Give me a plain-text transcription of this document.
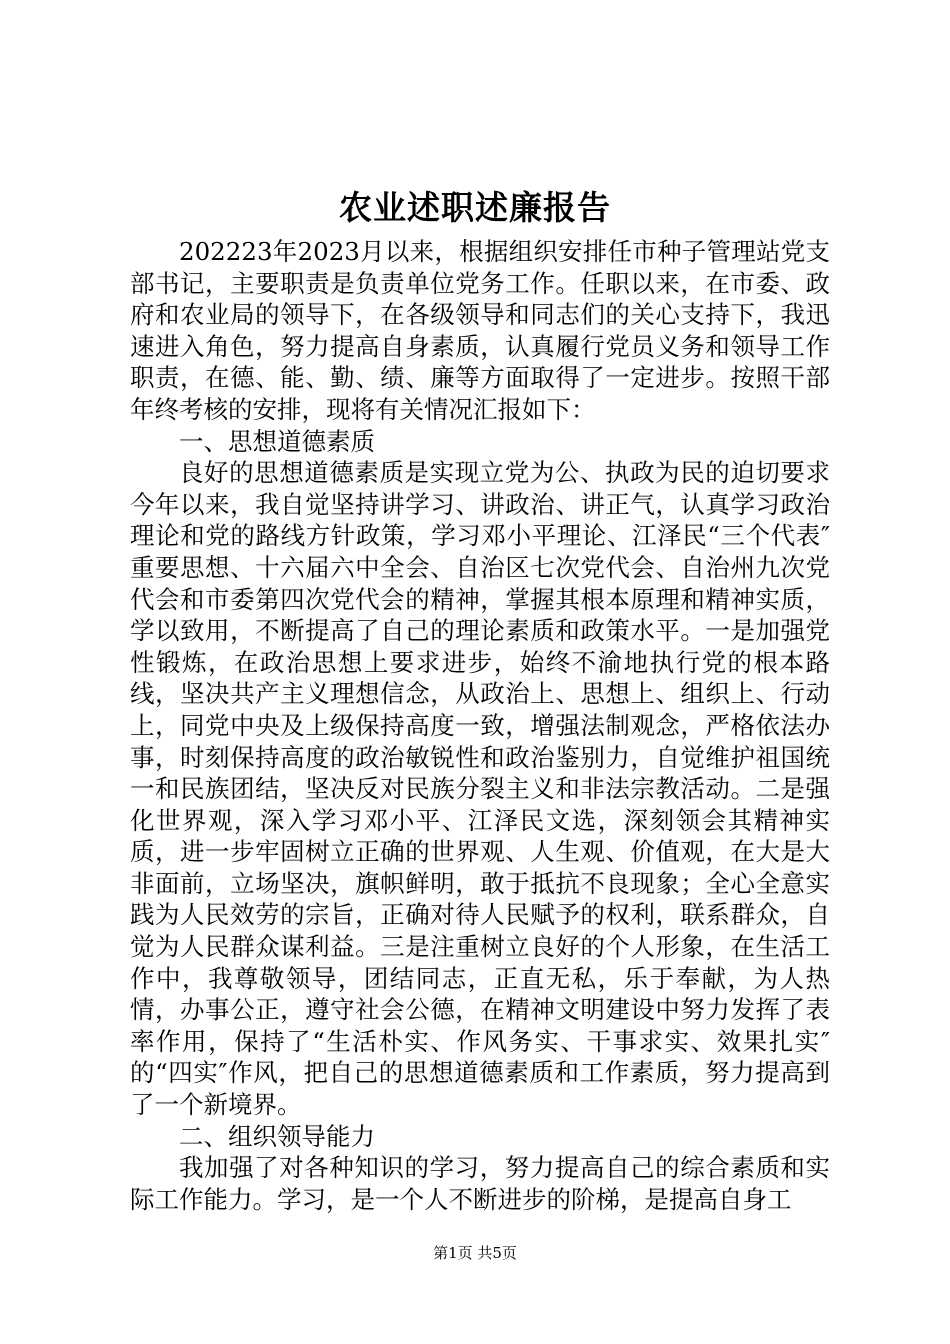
农业述职述廉报告

202223年2023月以来，根据组织安排任市种子管理站党支部书记，主要职责是负责单位党务工作。任职以来，在市委、政府和农业局的领导下，在各级领导和同志们的关心支持下，我迅速进入角色，努力提高自身素质，认真履行党员义务和领导工作职责，在德、能、勤、绩、廉等方面取得了一定进步。按照干部年终考核的安排，现将有关情况汇报如下：

一、思想道德素质

良好的思想道德素质是实现立党为公、执政为民的迫切要求今年以来，我自觉坚持讲学习、讲政治、讲正气，认真学习政治理论和党的路线方针政策，学习邓小平理论、江泽民“三个代表″重要思想、十六届六中全会、自治区七次党代会、自治州九次党代会和市委第四次党代会的精神，掌握其根本原理和精神实质，学以致用，不断提高了自己的理论素质和政策水平。一是加强党性锻炼，在政治思想上要求进步，始终不渝地执行党的根本路线，坚决共产主义理想信念，从政治上、思想上、组织上、行动上，同党中央及上级保持高度一致，增强法制观念，严格依法办事，时刻保持高度的政治敏锐性和政治鉴别力，自觉维护祖国统一和民族团结，坚决反对民族分裂主义和非法宗教活动。二是强化世界观，深入学习邓小平、江泽民文选，深刻领会其精神实质，进一步牢固树立正确的世界观、人生观、价值观，在大是大非面前，立场坚决，旗帜鲜明，敢于抵抗不良现象；全心全意实践为人民效劳的宗旨，正确对待人民赋予的权利，联系群众，自觉为人民群众谋利益。三是注重树立良好的个人形象，在生活工作中，我尊敬领导，团结同志，正直无私，乐于奉献，为人热情，办事公正，遵守社会公德，在精神文明建设中努力发挥了表率作用，保持了“生活朴实、作风务实、干事求实、效果扎实″的“四实″作风，把自己的思想道德素质和工作素质，努力提高到了一个新境界。

二、组织领导能力

我加强了对各种知识的学习，努力提高自己的综合素质和实际工作能力。学习，是一个人不断进步的阶梯，是提高自身工

第1页 共5页
